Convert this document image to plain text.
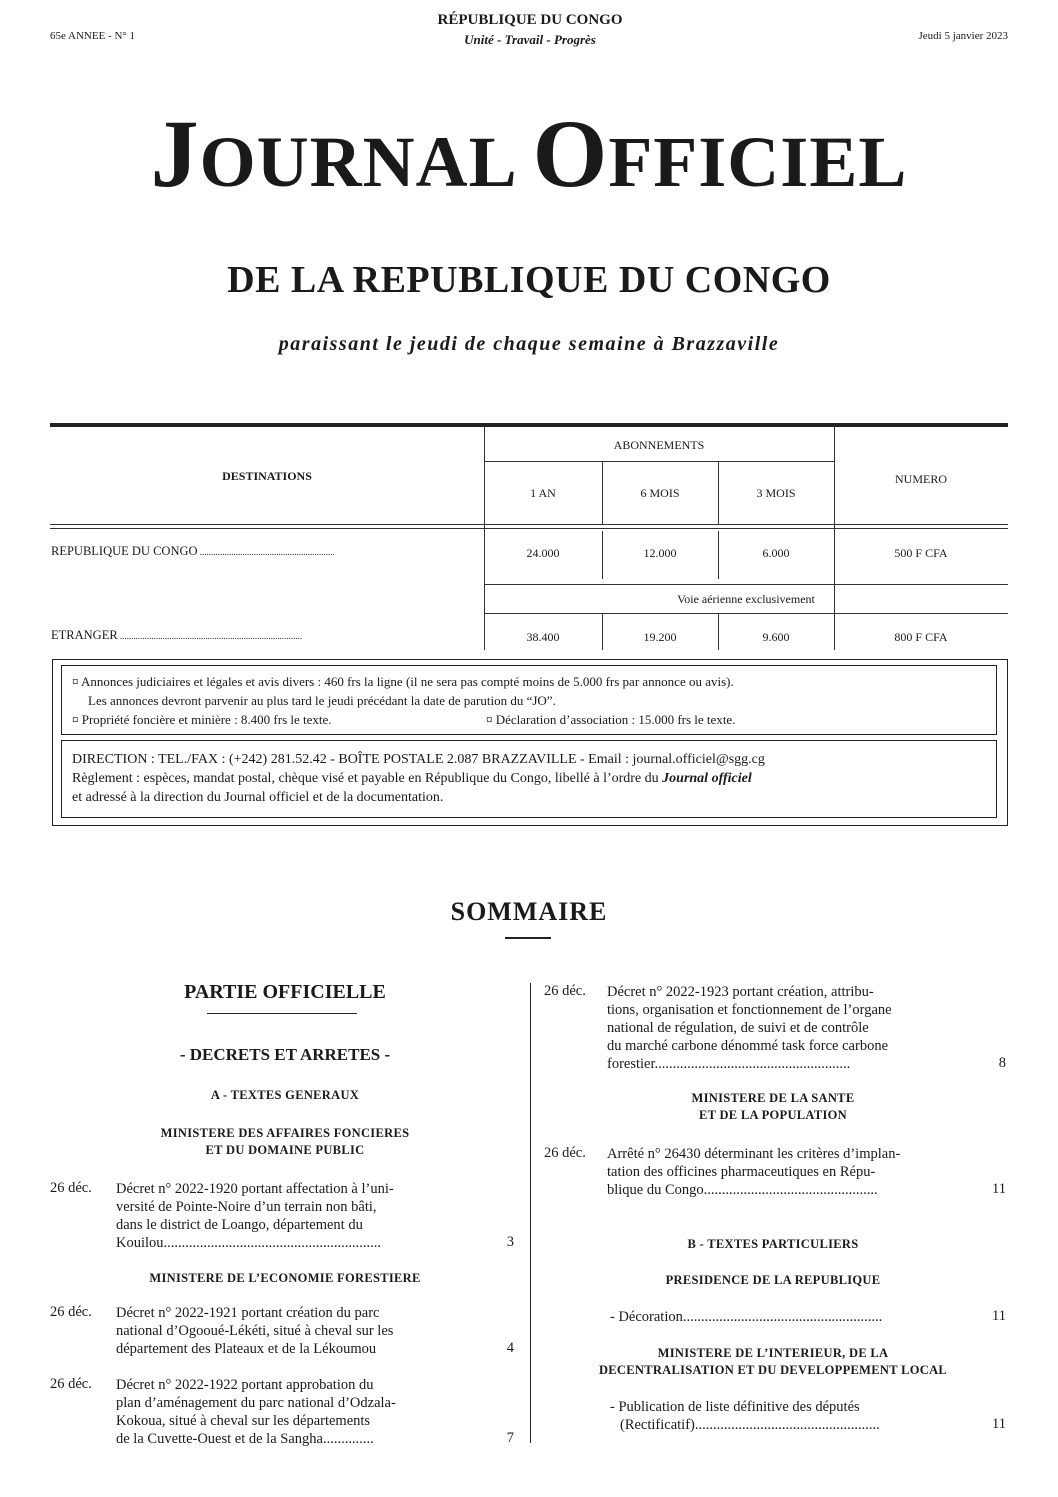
65e ANNEE - N° 1
RÉPUBLIQUE DU CONGO
Unité - Travail - Progrès	Jeudi 5 janvier 2023
JOURNAL OFFICIEL
DE LA REPUBLIQUE DU CONGO
paraissant le jeudi de chaque semaine à Brazzaville
DESTINATIONS
ABONNEMENTS
NUMERO
1 AN	6 MOIS	3 MOIS
REPUBLIQUE DU CONGO ............................................................	24.000	12.000	6.000	500 F CFA
Voie aérienne exclusivement
ETRANGER .................................................................................	38.400	19.200	9.600	800 F CFA
¤ Annonces judiciaires et légales et avis divers : 460 frs la ligne (il ne sera pas compté moins de 5.000 frs par annonce ou avis).
Les annonces devront parvenir au plus tard le jeudi précédant la date de parution du “JO”.
¤ Propriété foncière et minière : 8.400 frs le texte.	¤ Déclaration d’association : 15.000 frs le texte.
DIRECTION : TEL./FAX : (+242) 281.52.42 - BOÎTE POSTALE 2.087 BRAZZAVILLE - Email : journal.officiel@sgg.cg
Règlement : espèces, mandat postal, chèque visé et payable en République du Congo, libellé à l’ordre du Journal officiel
et adressé à la direction du Journal officiel et de la documentation.
SOMMAIRE
PARTIE OFFICIELLE
- DECRETS ET ARRETES -
A - TEXTES GENERAUX
MINISTERE DES AFFAIRES FONCIERES
ET DU DOMAINE PUBLIC
26 déc. Décret n° 2022-1920 portant affectation à l’uni-
versité de Pointe-Noire d’un terrain non bâti,
dans le district de Loango, département du
Kouilou............................................................	3
MINISTERE DE L’ECONOMIE FORESTIERE
26 déc. Décret n° 2022-1921 portant création du parc
national d’Ogooué-Lékéti, situé à cheval sur les
département des Plateaux et de la Lékoumou	4
26 déc. Décret n° 2022-1922 portant approbation du
plan d’aménagement du parc national d’Odzala-
Kokoua, situé à cheval sur les départements
de la Cuvette-Ouest et de la Sangha..............	7
26 déc. Décret n° 2022-1923 portant création, attribu-
tions, organisation et fonctionnement de l’organe
national de régulation, de suivi et de contrôle
du marché carbone dénommé task force carbone
forestier......................................................	8
MINISTERE DE LA SANTE
ET DE LA POPULATION
26 déc. Arrêté n° 26430 déterminant les critères d’implan-
tation des officines pharmaceutiques en Répu-
blique du Congo................................................	11
B - TEXTES PARTICULIERS
PRESIDENCE DE LA REPUBLIQUE
- Décoration.......................................................	11
MINISTERE DE L’INTERIEUR, DE LA
DECENTRALISATION ET DU DEVELOPPEMENT LOCAL
- Publication de liste définitive des députés
(Rectificatif)...................................................	11
